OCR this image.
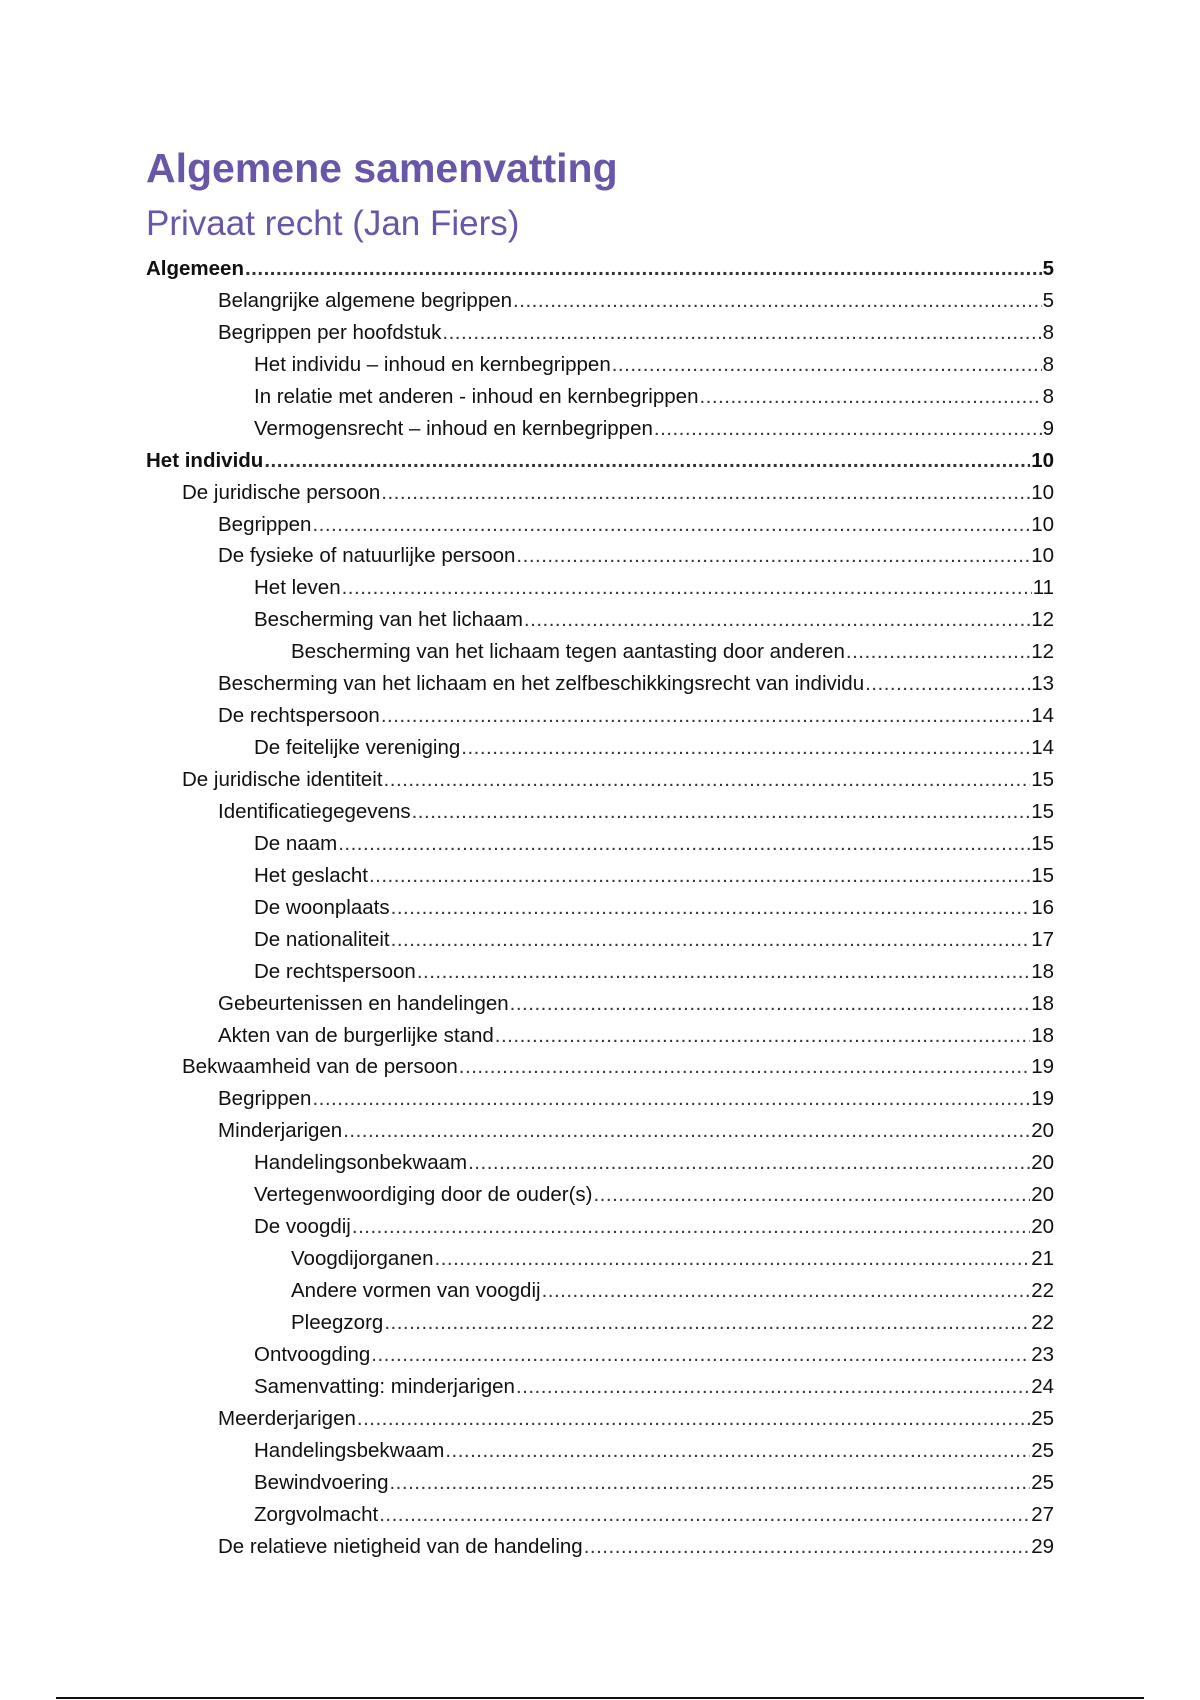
Algemene samenvatting
Privaat recht (Jan Fiers)
Algemeen .....	5
Belangrijke algemene begrippen .....	5
Begrippen per hoofdstuk .....	8
Het individu – inhoud en kernbegrippen .....	8
In relatie met anderen - inhoud en kernbegrippen .....	8
Vermogensrecht – inhoud en kernbegrippen .....	9
Het individu .....	10
De juridische persoon .....	10
Begrippen .....	10
De fysieke of natuurlijke persoon .....	10
Het leven .....	11
Bescherming van het lichaam .....	12
Bescherming van het lichaam tegen aantasting door anderen .....	12
Bescherming van het lichaam en het zelfbeschikkingsrecht van individu .....	13
De rechtspersoon .....	14
De feitelijke vereniging .....	14
De juridische identiteit .....	15
Identificatiegegevens .....	15
De naam .....	15
Het geslacht .....	15
De woonplaats .....	16
De nationaliteit .....	17
De rechtspersoon .....	18
Gebeurtenissen en handelingen .....	18
Akten van de burgerlijke stand .....	18
Bekwaamheid van de persoon .....	19
Begrippen .....	19
Minderjarigen .....	20
Handelingsonbekwaam .....	20
Vertegenwoordiging door de ouder(s) .....	20
De voogdij .....	20
Voogdijorganen .....	21
Andere vormen van voogdij .....	22
Pleegzorg .....	22
Ontvoogding .....	23
Samenvatting: minderjarigen .....	24
Meerderjarigen .....	25
Handelingsbekwaam .....	25
Bewindvoering .....	25
Zorgvolmacht .....	27
De relatieve nietigheid van de handeling .....	29
